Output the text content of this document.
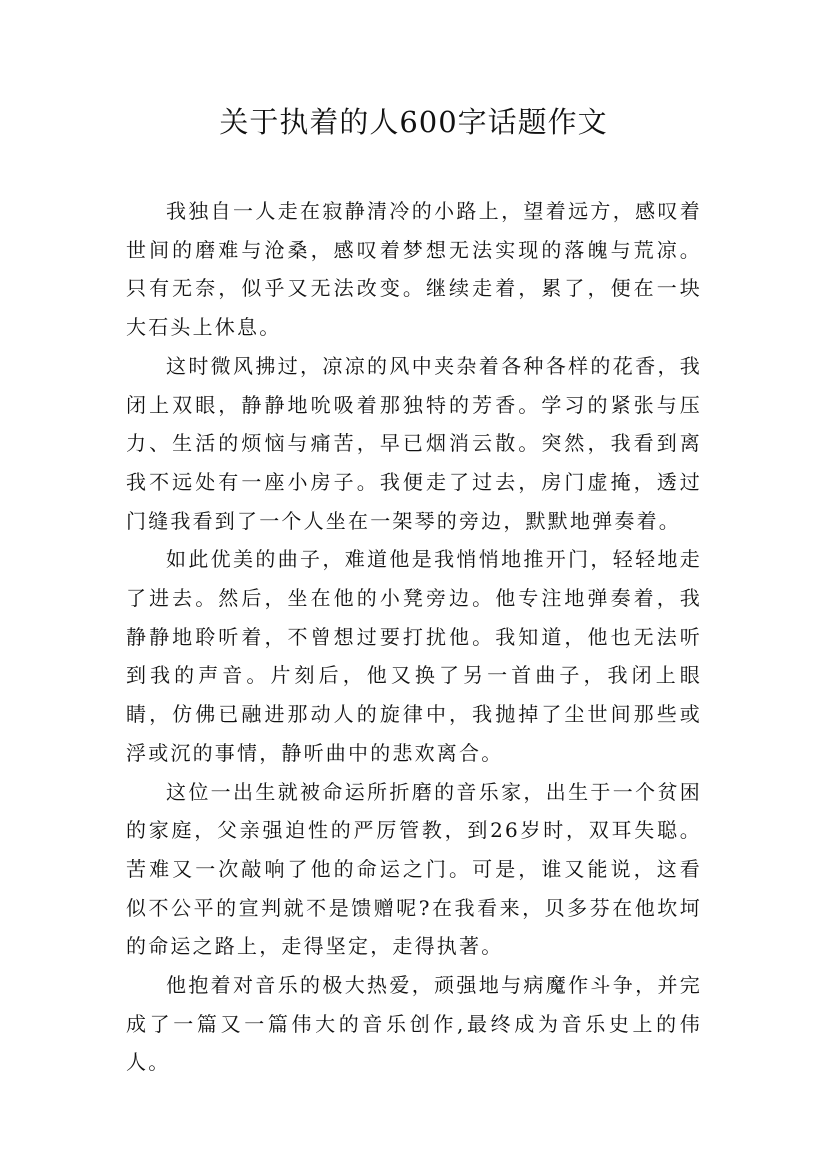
关于执着的人600字话题作文

我独自一人走在寂静清冷的小路上，望着远方，感叹着世间的磨难与沧桑，感叹着梦想无法实现的落魄与荒凉。只有无奈，似乎又无法改变。继续走着，累了，便在一块大石头上休息。

这时微风拂过，凉凉的风中夹杂着各种各样的花香，我闭上双眼，静静地吮吸着那独特的芳香。学习的紧张与压力、生活的烦恼与痛苦，早已烟消云散。突然，我看到离我不远处有一座小房子。我便走了过去，房门虚掩，透过门缝我看到了一个人坐在一架琴的旁边，默默地弹奏着。

如此优美的曲子，难道他是我悄悄地推开门，轻轻地走了进去。然后，坐在他的小凳旁边。他专注地弹奏着，我静静地聆听着，不曾想过要打扰他。我知道，他也无法听到我的声音。片刻后，他又换了另一首曲子，我闭上眼睛，仿佛已融进那动人的旋律中，我抛掉了尘世间那些或浮或沉的事情，静听曲中的悲欢离合。

这位一出生就被命运所折磨的音乐家，出生于一个贫困的家庭，父亲强迫性的严厉管教，到26岁时，双耳失聪。苦难又一次敲响了他的命运之门。可是，谁又能说，这看似不公平的宣判就不是馈赠呢?在我看来，贝多芬在他坎坷的命运之路上，走得坚定，走得执著。

他抱着对音乐的极大热爱，顽强地与病魔作斗争，并完成了一篇又一篇伟大的音乐创作,最终成为音乐史上的伟人。
